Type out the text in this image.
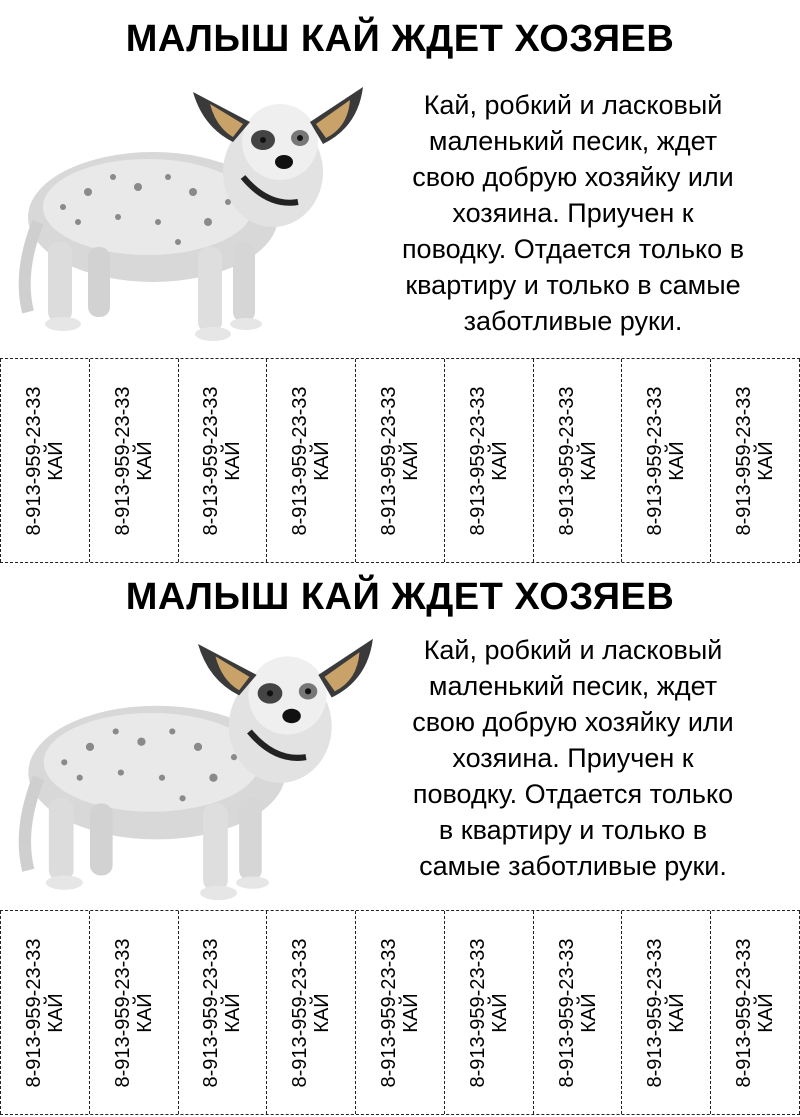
МАЛЫШ КАЙ ЖДЕТ ХОЗЯЕВ
Кай, робкий и ласковый
маленький песик, ждет
свою добрую хозяйку или
хозяина. Приучен к
поводку. Отдается только в
квартиру и только в самые
заботливые руки.
8-913-959-23-33 КАЙ 8-913-959-23-33 КАЙ 8-913-959-23-33 КАЙ 8-913-959-23-33 КАЙ 8-913-959-23-33 КАЙ 8-913-959-23-33 КАЙ 8-913-959-23-33 КАЙ 8-913-959-23-33 КАЙ 8-913-959-23-33 КАЙ
МАЛЫШ КАЙ ЖДЕТ ХОЗЯЕВ
Кай, робкий и ласковый
маленький песик, ждет
свою добрую хозяйку или
хозяина. Приучен к
поводку. Отдается только
в квартиру и только в
самые заботливые руки.
8-913-959-23-33 КАЙ 8-913-959-23-33 КАЙ 8-913-959-23-33 КАЙ 8-913-959-23-33 КАЙ 8-913-959-23-33 КАЙ 8-913-959-23-33 КАЙ 8-913-959-23-33 КАЙ 8-913-959-23-33 КАЙ 8-913-959-23-33 КАЙ
